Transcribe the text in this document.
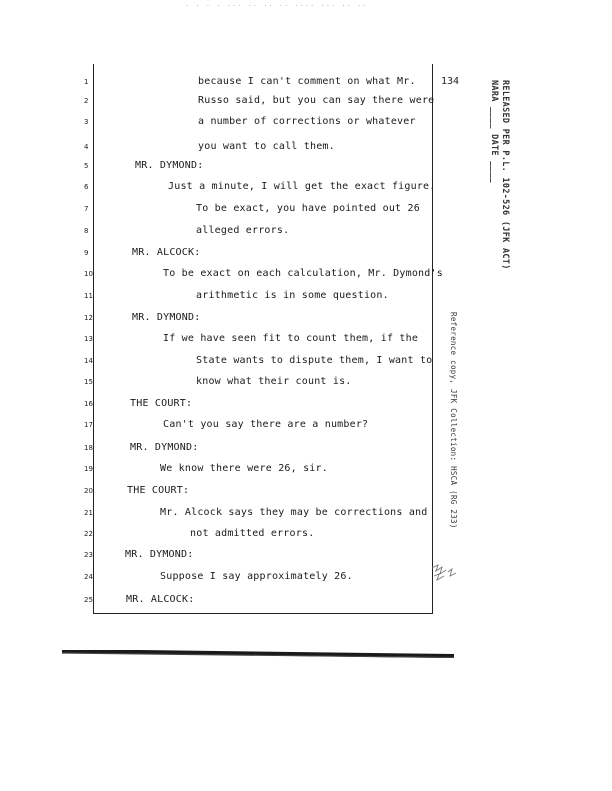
· · · · ··· ·· ·· ·· ···· ··· ·· ··
134
1
2
3
4
5
6
7
8
9
10
11
12
13
14
15
16
17
18
19
20
21
22
23
24
25
because I can't comment on what Mr.
Russo said, but you can say there were
a number of corrections or whatever
you want to call them.
MR. DYMOND:
Just a minute, I will get the exact figure.
To be exact, you have pointed out 26
alleged errors.
MR. ALCOCK:
To be exact on each calculation, Mr. Dymond's
arithmetic is in some question.
MR. DYMOND:
If we have seen fit to count them, if the
State wants to dispute them, I want to
know what their count is.
THE COURT:
Can't you say there are a number?
MR. DYMOND:
We know there were 26, sir.
THE COURT:
Mr. Alcock says they may be corrections and
not admitted errors.
MR. DYMOND:
Suppose I say approximately 26.
MR. ALCOCK:
RELEASED PER P.L. 102-526 (JFK ACT)
NARA ____ DATE ____
Reference copy, JFK Collection: HSCA (RG 233)
